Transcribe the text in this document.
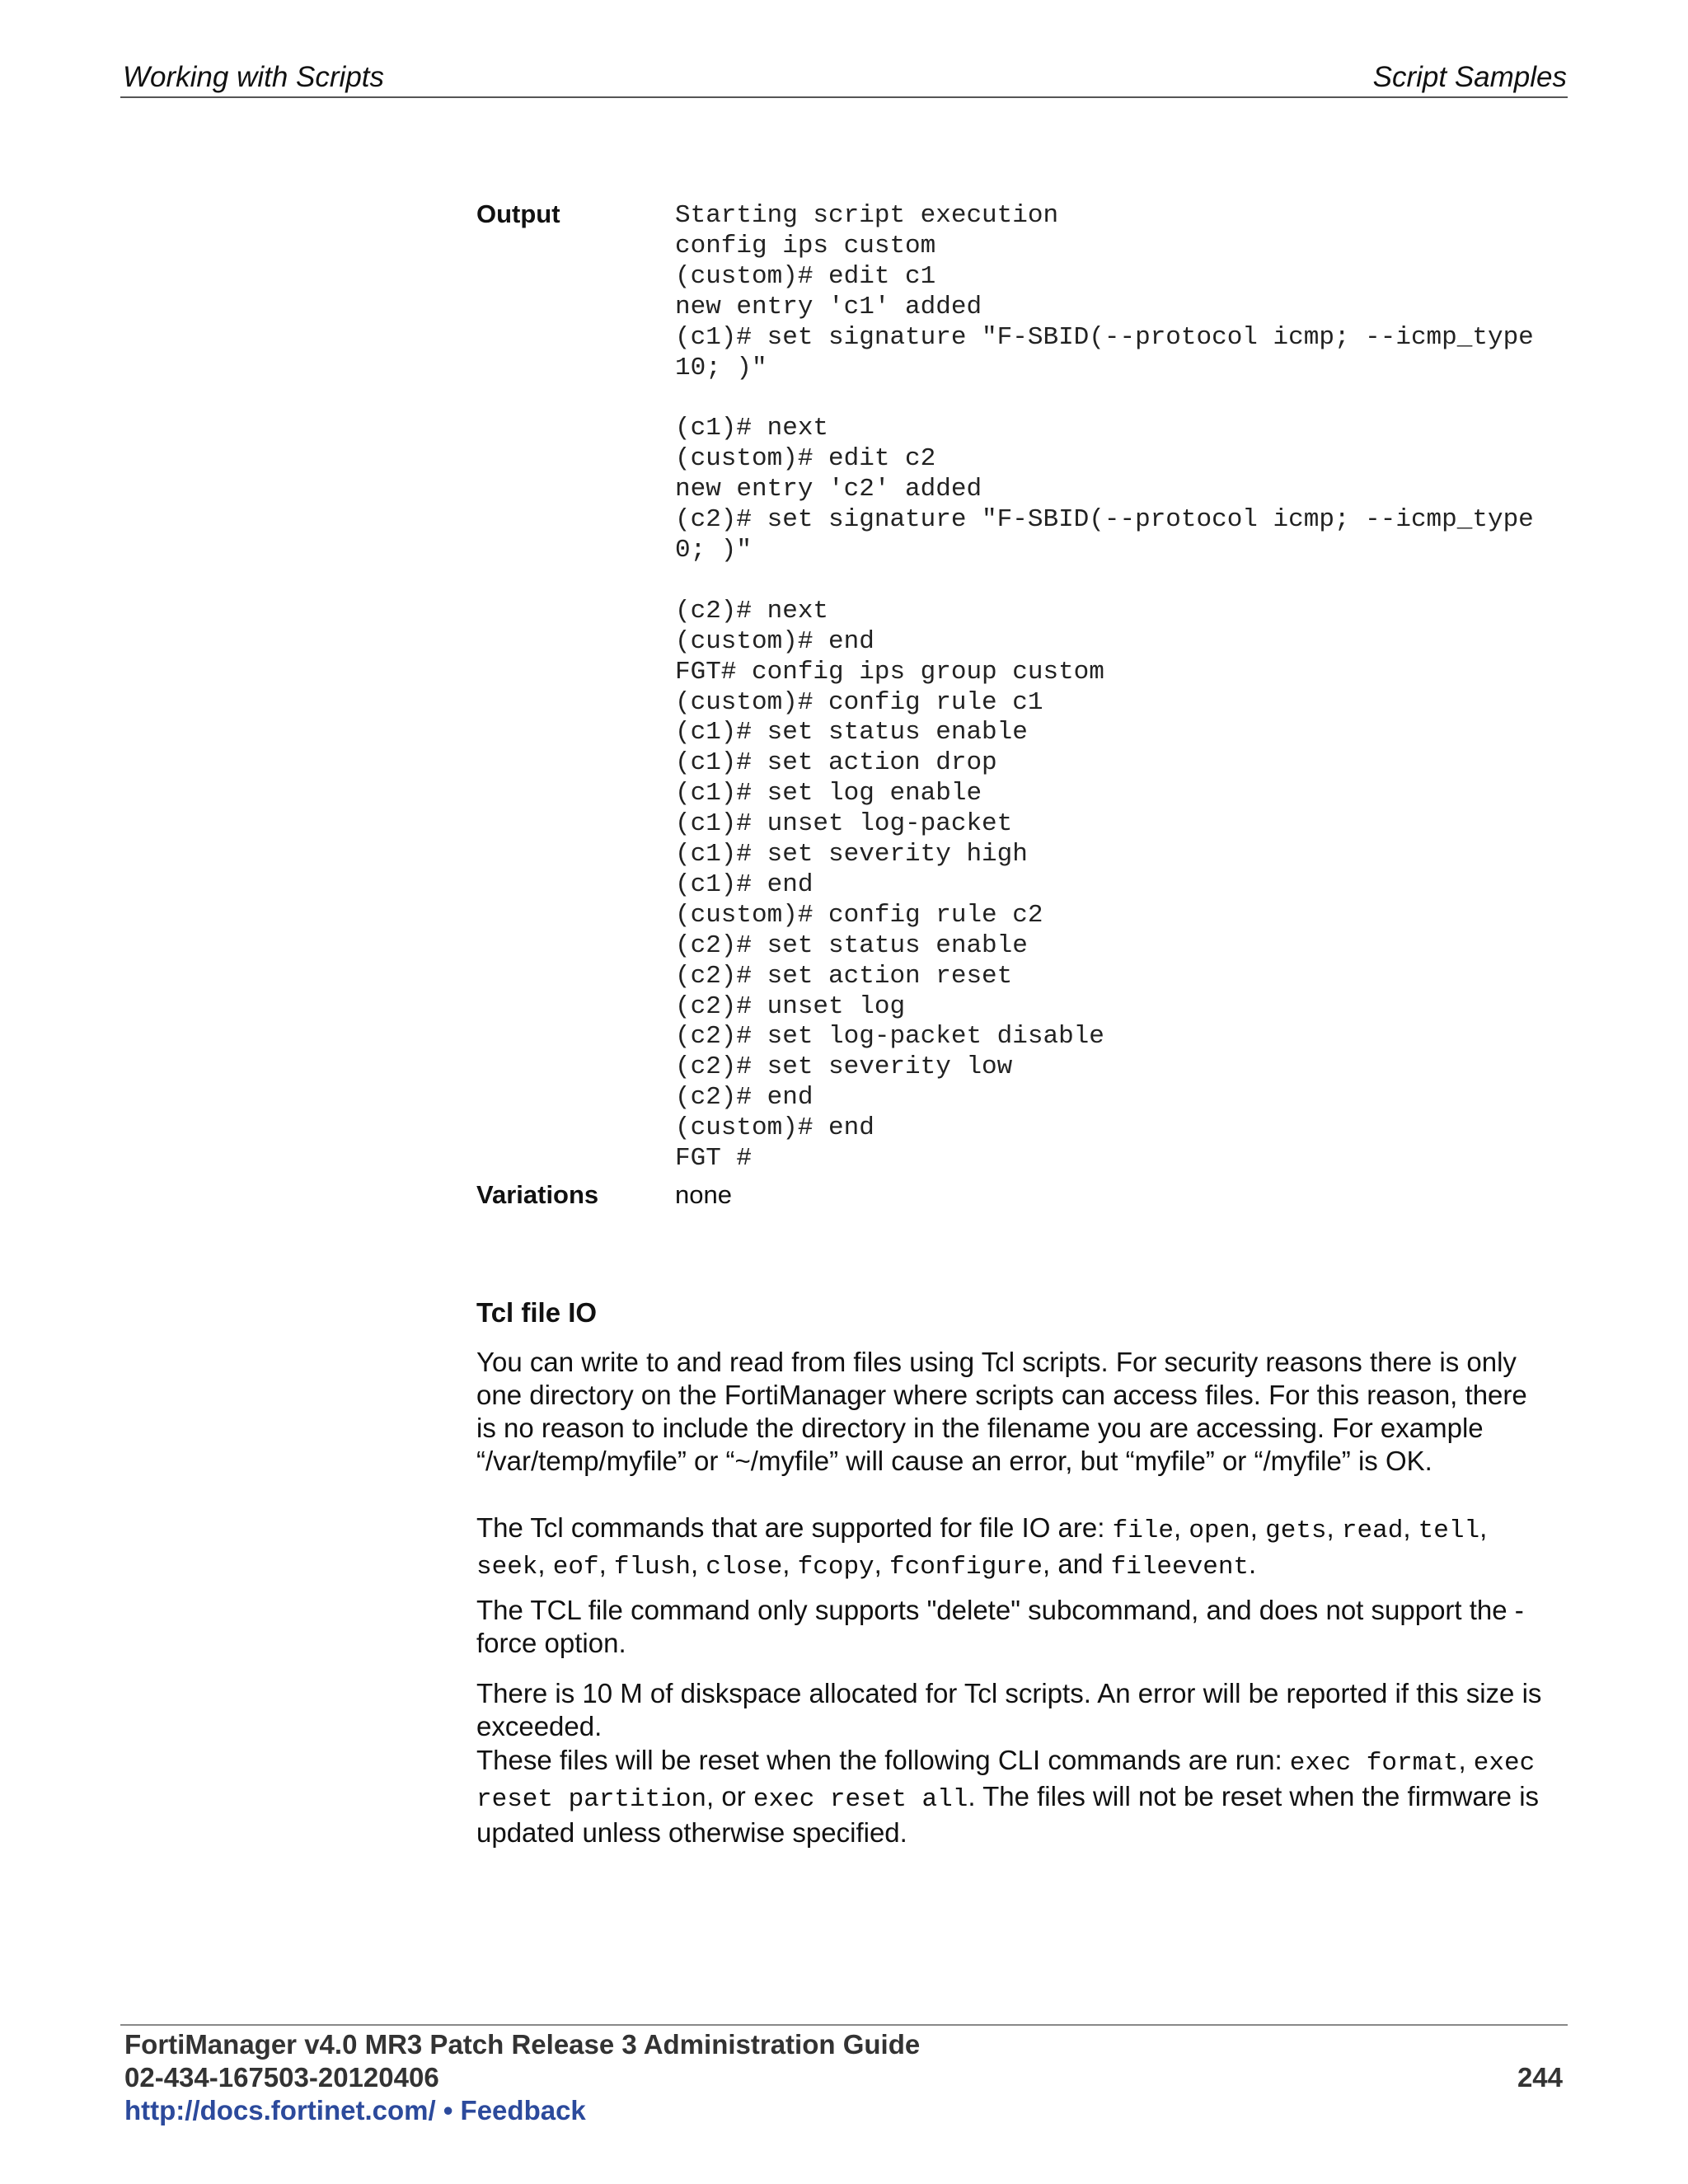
Working with Scripts	Script Samples
Output	Starting script execution
config ips custom
(custom)# edit c1
new entry 'c1' added
(c1)# set signature "F-SBID(--protocol icmp; --icmp_type
10; )"

(c1)# next
(custom)# edit c2
new entry 'c2' added
(c2)# set signature "F-SBID(--protocol icmp; --icmp_type
0; )"

(c2)# next
(custom)# end
FGT# config ips group custom
(custom)# config rule c1
(c1)# set status enable
(c1)# set action drop
(c1)# set log enable
(c1)# unset log-packet
(c1)# set severity high
(c1)# end
(custom)# config rule c2
(c2)# set status enable
(c2)# set action reset
(c2)# unset log
(c2)# set log-packet disable
(c2)# set severity low
(c2)# end
(custom)# end
FGT #
Variations	none
Tcl file IO
You can write to and read from files using Tcl scripts. For security reasons there is only one directory on the FortiManager where scripts can access files. For this reason, there is no reason to include the directory in the filename you are accessing. For example “/var/temp/myfile” or “~/myfile” will cause an error, but “myfile” or “/myfile” is OK.
The Tcl commands that are supported for file IO are: file, open, gets, read, tell, seek, eof, flush, close, fcopy, fconfigure, and fileevent.
The TCL file command only supports "delete" subcommand, and does not support the -force option.
There is 10 M of diskspace allocated for Tcl scripts. An error will be reported if this size is exceeded.
These files will be reset when the following CLI commands are run: exec format, exec reset partition, or exec reset all. The files will not be reset when the firmware is updated unless otherwise specified.
FortiManager v4.0 MR3 Patch Release 3 Administration Guide
02-434-167503-20120406
http://docs.fortinet.com/ • Feedback
244
